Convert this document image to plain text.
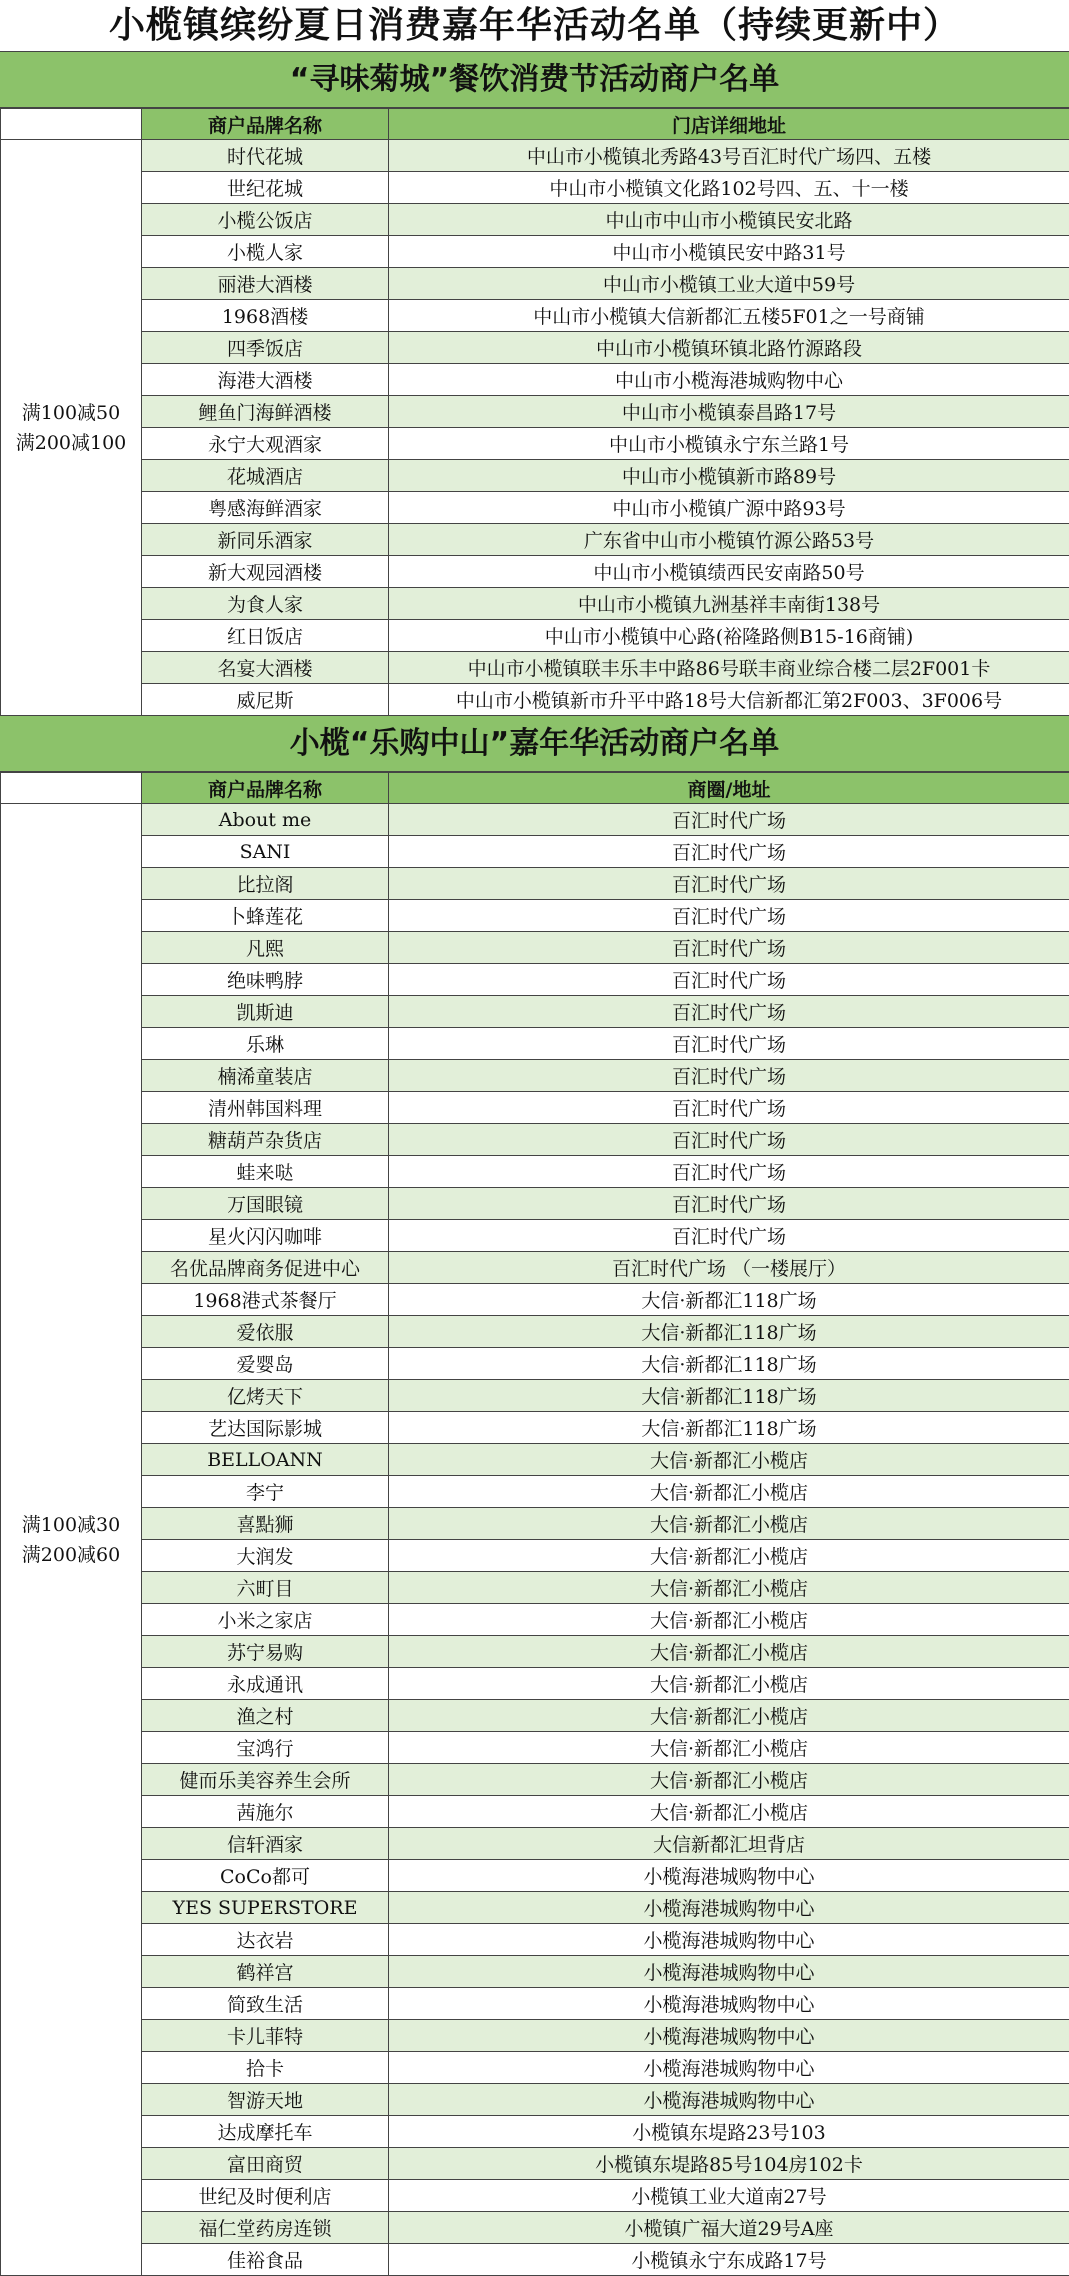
小榄镇缤纷夏日消费嘉年华活动名单（持续更新中）
“寻味菊城”餐饮消费节活动商户名单
	商户品牌名称	门店详细地址

满100减50
满200减100	时代花城	中山市小榄镇北秀路43号百汇时代广场四、五楼
	世纪花城	中山市小榄镇文化路102号四、五、十一楼
	小榄公饭店	中山市中山市小榄镇民安北路
	小榄人家	中山市小榄镇民安中路31号
	丽港大酒楼	中山市小榄镇工业大道中59号
	1968酒楼	中山市小榄镇大信新都汇五楼5F01之一号商铺
	四季饭店	中山市小榄镇环镇北路竹源路段
	海港大酒楼	中山市小榄海港城购物中心
	鲤鱼门海鲜酒楼	中山市小榄镇泰昌路17号
	永宁大观酒家	中山市小榄镇永宁东兰路1号
	花城酒店	中山市小榄镇新市路89号
	粤感海鲜酒家	中山市小榄镇广源中路93号
	新同乐酒家	广东省中山市小榄镇竹源公路53号
	新大观园酒楼	中山市小榄镇绩西民安南路50号
	为食人家	中山市小榄镇九洲基祥丰南街138号
	红日饭店	中山市小榄镇中心路(裕隆路侧B15-16商铺)
	名宴大酒楼	中山市小榄镇联丰乐丰中路86号联丰商业综合楼二层2F001卡
	威尼斯	中山市小榄镇新市升平中路18号大信新都汇第2F003、3F006号
小榄“乐购中山”嘉年华活动商户名单
	商户品牌名称	商圈/地址

满100减30
满200减60	About me	百汇时代广场
	SANI	百汇时代广场
	比拉阁	百汇时代广场
	卜蜂莲花	百汇时代广场
	凡熙	百汇时代广场
	绝味鸭脖	百汇时代广场
	凯斯迪	百汇时代广场
	乐琳	百汇时代广场
	楠浠童装店	百汇时代广场
	清州韩国料理	百汇时代广场
	糖葫芦杂货店	百汇时代广场
	蛙来哒	百汇时代广场
	万国眼镜	百汇时代广场
	星火闪闪咖啡	百汇时代广场
	名优品牌商务促进中心	百汇时代广场 （一楼展厅）
	1968港式茶餐厅	大信·新都汇118广场
	爱依服	大信·新都汇118广场
	爱婴岛	大信·新都汇118广场
	亿烤天下	大信·新都汇118广场
	艺达国际影城	大信·新都汇118广场
	BELLOANN	大信·新都汇小榄店
	李宁	大信·新都汇小榄店
	喜點狮	大信·新都汇小榄店
	大润发	大信·新都汇小榄店
	六町目	大信·新都汇小榄店
	小米之家店	大信·新都汇小榄店
	苏宁易购	大信·新都汇小榄店
	永成通讯	大信·新都汇小榄店
	渔之村	大信·新都汇小榄店
	宝鸿行	大信·新都汇小榄店
	健而乐美容养生会所	大信·新都汇小榄店
	茜施尔	大信·新都汇小榄店
	信轩酒家	大信新都汇坦背店
	CoCo都可	小榄海港城购物中心
	YES SUPERSTORE	小榄海港城购物中心
	达衣岩	小榄海港城购物中心
	鹤祥宫	小榄海港城购物中心
	简致生活	小榄海港城购物中心
	卡儿菲特	小榄海港城购物中心
	拾卡	小榄海港城购物中心
	智游天地	小榄海港城购物中心
	达成摩托车	小榄镇东堤路23号103
	富田商贸	小榄镇东堤路85号104房102卡
	世纪及时便利店	小榄镇工业大道南27号
	福仁堂药房连锁	小榄镇广福大道29号A座
	佳裕食品	小榄镇永宁东成路17号
